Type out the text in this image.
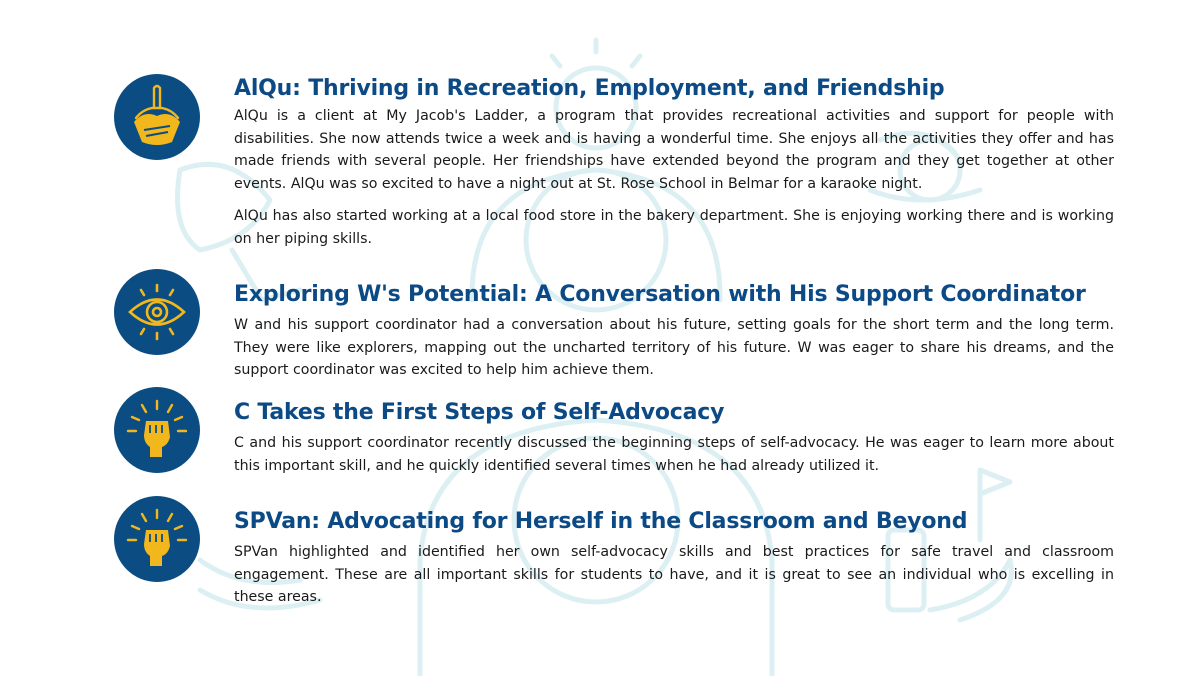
AlQu: Thriving in Recreation, Employment, and Friendship

AlQu is a client at My Jacob's Ladder, a program that provides recreational activities and support for people with disabilities. She now attends twice a week and is having a wonderful time. She enjoys all the activities they offer and has made friends with several people. Her friendships have extended beyond the program and they get together at other events. AlQu was so excited to have a night out at St. Rose School in Belmar for a karaoke night.

AlQu has also started working at a local food store in the bakery department. She is enjoying working there and is working on her piping skills.

Exploring W's Potential: A Conversation with His Support Coordinator

W and his support coordinator had a conversation about his future, setting goals for the short term and the long term. They were like explorers, mapping out the uncharted territory of his future. W was eager to share his dreams, and the support coordinator was excited to help him achieve them.

C Takes the First Steps of Self-Advocacy

C and his support coordinator recently discussed the beginning steps of self-advocacy. He was eager to learn more about this important skill, and he quickly identified several times when he had already utilized it.

SPVan: Advocating for Herself in the Classroom and Beyond

SPVan highlighted and identified her own self-advocacy skills and best practices for safe travel and classroom engagement. These are all important skills for students to have, and it is great to see an individual who is excelling in these areas.
